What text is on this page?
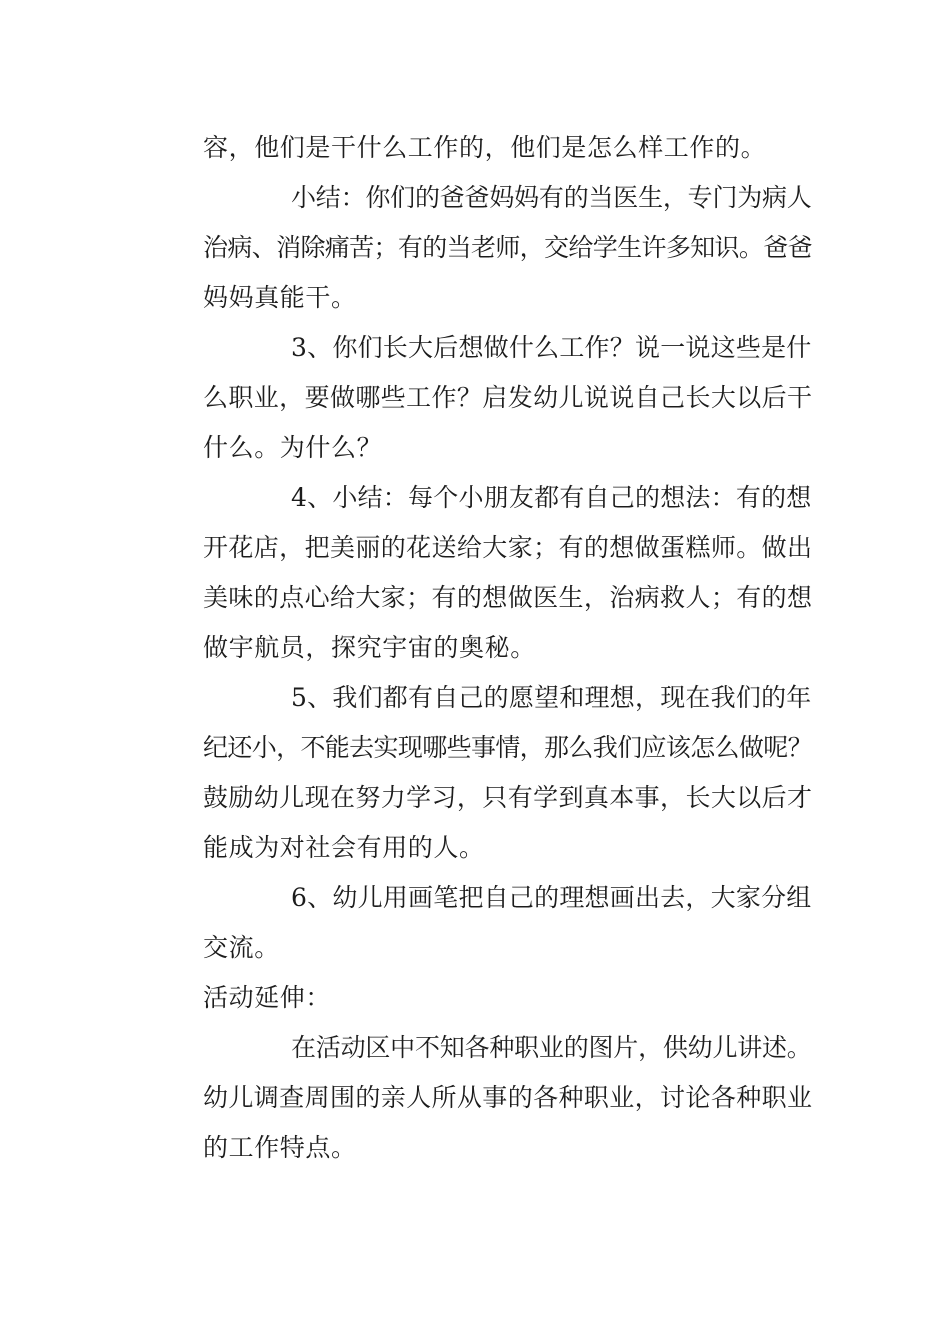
容，他们是干什么工作的，他们是怎么样工作的。
小结：你们的爸爸妈妈有的当医生，专门为病人
治病、消除痛苦；有的当老师，交给学生许多知识。爸爸
妈妈真能干。
3、你们长大后想做什么工作？说一说这些是什
么职业，要做哪些工作？启发幼儿说说自己长大以后干
什么。为什么？
4、小结：每个小朋友都有自己的想法：有的想
开花店，把美丽的花送给大家；有的想做蛋糕师。做出
美味的点心给大家；有的想做医生，治病救人；有的想
做宇航员，探究宇宙的奥秘。
5、我们都有自己的愿望和理想，现在我们的年
纪还小，不能去实现哪些事情，那么我们应该怎么做呢？
鼓励幼儿现在努力学习，只有学到真本事，长大以后才
能成为对社会有用的人。
6、幼儿用画笔把自己的理想画出去，大家分组
交流。
活动延伸：
在活动区中不知各种职业的图片，供幼儿讲述。
幼儿调查周围的亲人所从事的各种职业，讨论各种职业
的工作特点。
